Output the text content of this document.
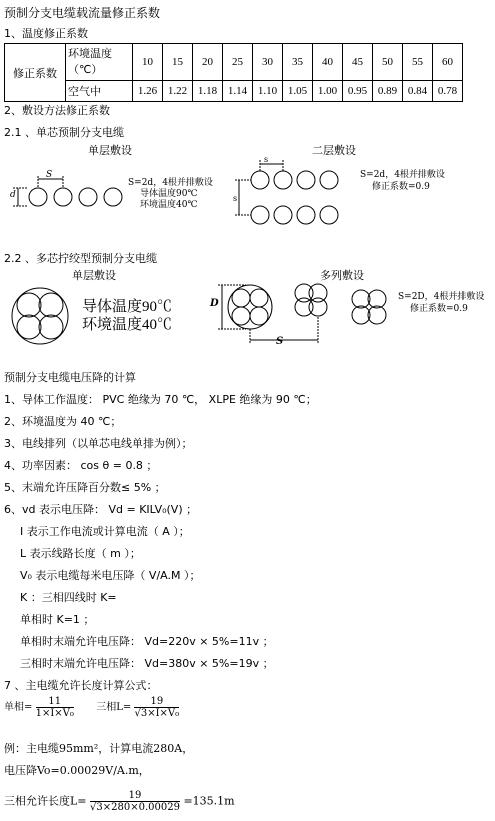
预制分支电缆载流量修正系数
1、温度修正系数
修正系数	环境温度（℃）	10	15	20	25	30	35	40	45	50	55	60
	空气中	1.26	1.22	1.18	1.14	1.10	1.05	1.00	0.95	0.89	0.84	0.78
2、敷设方法修正系数
2.1 、单芯预制分支电缆
单层敷设	二层敷设
S
d
S=2d，4根并排敷设
导体温度90℃
环境温度40℃
s
s
S=2d，4根并排敷设
修正系数=0.9
2.2 、多芯拧绞型预制分支电缆
单层敷设	多列敷设
导体温度90℃
环境温度40℃
D
S
S=2D，4根并排敷设
修正系数=0.9
预制分支电缆电压降的计算
1、导体工作温度： PVC 绝缘为 70 ℃， XLPE 绝缘为 90 ℃；
2、环境温度为 40 ℃；
3、电线排列（以单芯电线单排为例）；
4、功率因素： cos θ = 0.8 ；
5、末端允许压降百分数≤ 5% ；
6、vd 表示电压降： Vd = KILV₀(V) ；
I 表示工作电流或计算电流（ A ）；
L 表示线路长度（ m ）；
V₀ 表示电缆每米电压降（ V/A.M ）；
K ：三相四线时 K=
单相时 K=1 ；
单相时末端允许电压降： Vd=220v × 5%=11v ；
三相时末端允许电压降： Vd=380v × 5%=19v ；
7 、主电缆允许长度计算公式：
单相= $\frac{11}{\text{1×Ⅰ×V₀}}$ 三相$L= \frac{19}{\text{√3×Ⅰ×V₀}}$
例：主电缆95mm²，计算电流280A，
电压降Vo=0.00029V/A.m，
三相允许长度$L= \frac{19}{√3\times 280\times 0.00029} =135.1m$
